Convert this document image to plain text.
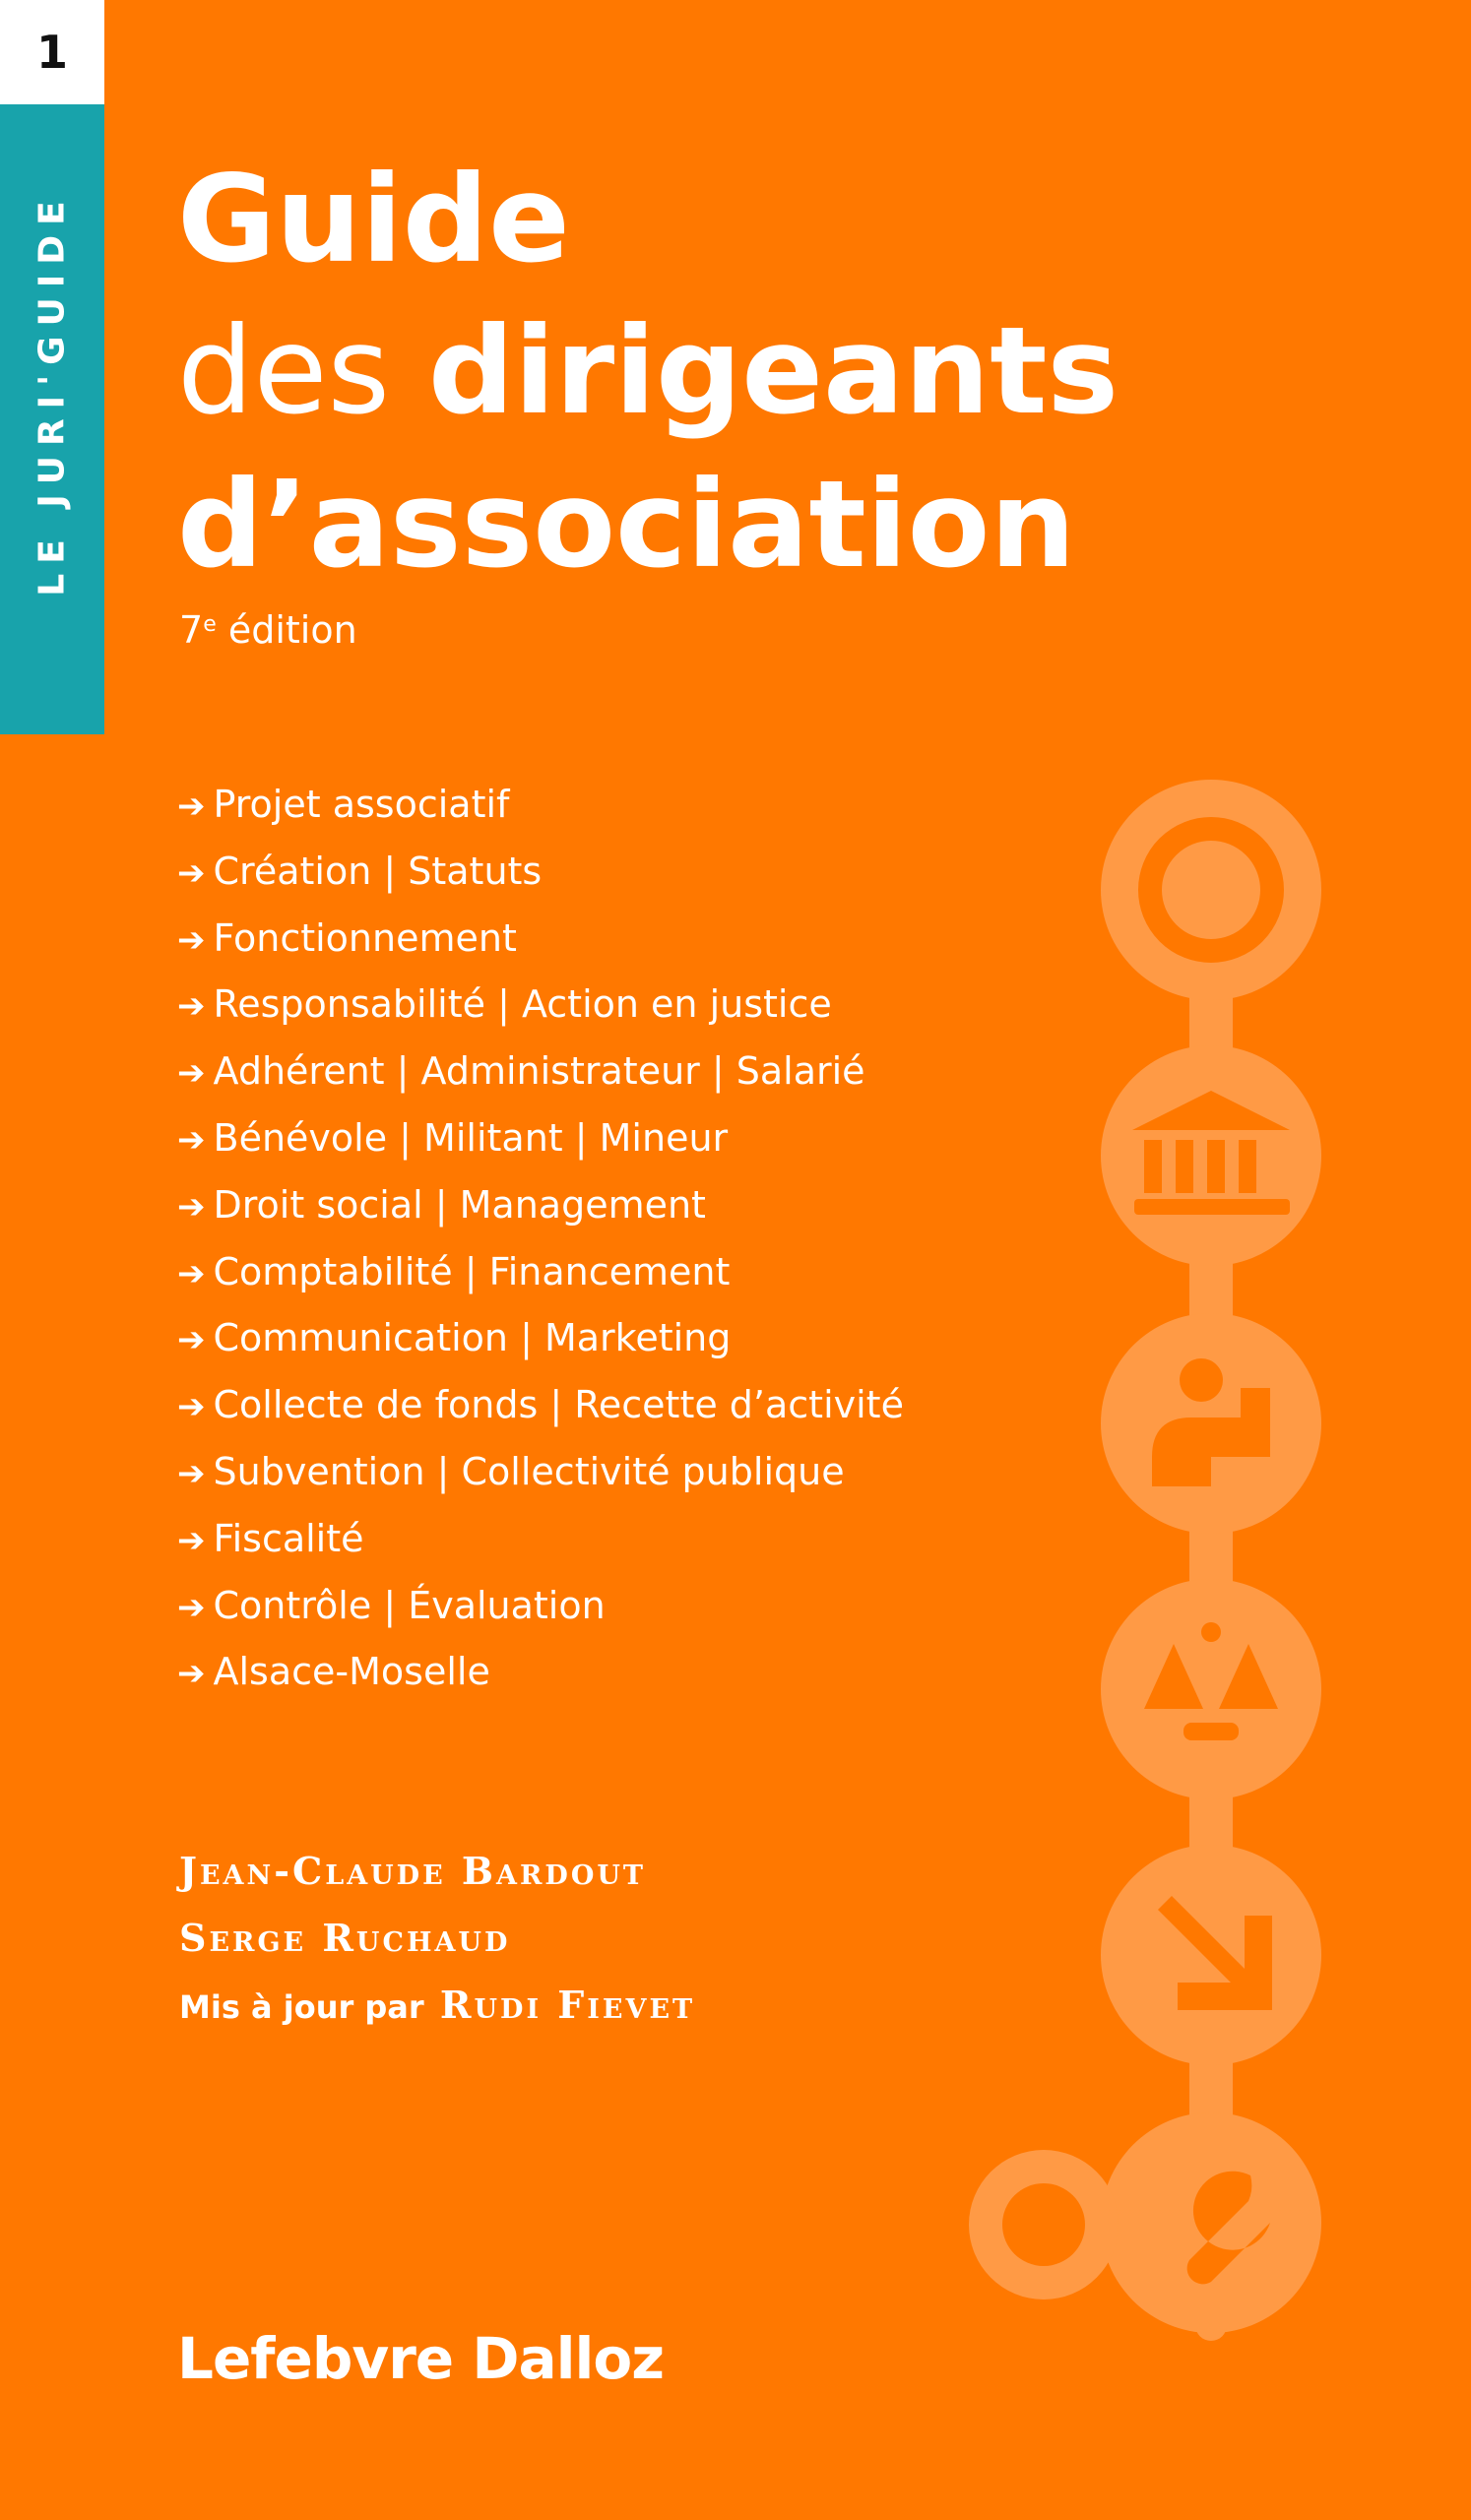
1
LE JURI'GUIDE Guide
des dirigeants
d’association
7e édition
➔ Projet associatif
➔ Création | Statuts
➔ Fonctionnement
➔ Responsabilité | Action en justice
➔ Adhérent | Administrateur | Salarié
➔ Bénévole | Militant | Mineur
➔ Droit social | Management
➔ Comptabilité | Financement
➔ Communication | Marketing
➔ Collecte de fonds | Recette d’activité
➔ Subvention | Collectivité publique
➔ Fiscalité
➔ Contrôle | Évaluation
➔ Alsace-Moselle
Jean-Claude Bardout
Serge Ruchaud
Mis à jour par Rudi Fievet
Lefebvre Dalloz
